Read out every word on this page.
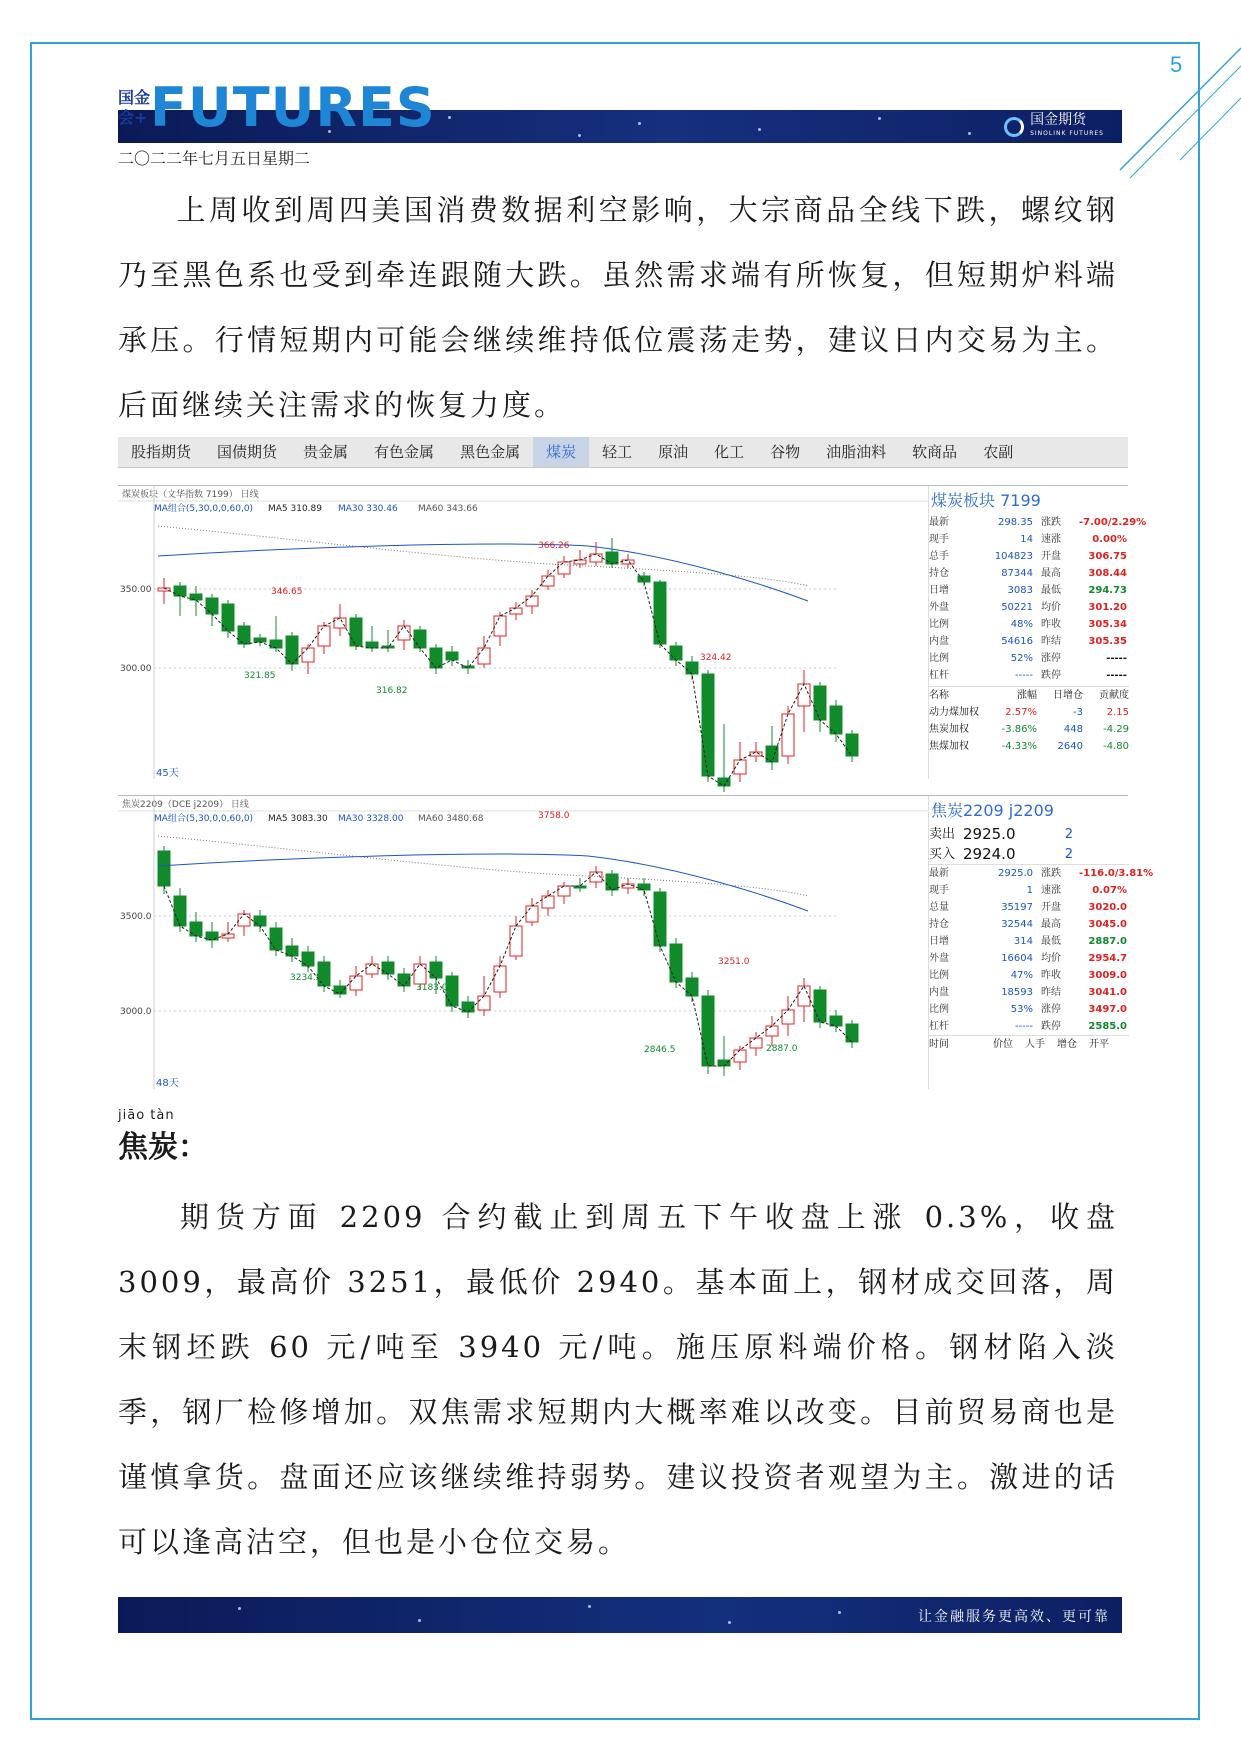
5
国金期货
SINOLINK FUTURES
国金会+ FUTURES
二〇二二年七月五日星期二
上周收到周四美国消费数据利空影响，大宗商品全线下跌，螺纹钢乃至黑色系也受到牵连跟随大跌。虽然需求端有所恢复，但短期炉料端承压。行情短期内可能会继续维持低位震荡走势，建议日内交易为主。后面继续关注需求的恢复力度。
股指期货	国债期货	贵金属	有色金属	黑色金属	煤炭	轻工	原油	化工	谷物	油脂油料	软商品	农副
煤炭板块（文华指数 7199） 日线
MA组合(5,30,0,0,60,0) MA5 310.89 MA30 330.46 MA60 343.66
350.00
300.00
45天
366.26
346.65
321.85
316.82
324.42
煤炭板块 7199
最新	298.35 涨跌	-7.00/2.29%
现手	14 速涨	0.00%
总手	104823 开盘	306.75
持仓	87344 最高	308.44
日增	3083 最低	294.73
外盘	50221 均价	301.20
比例	48% 昨收	305.34
内盘	54616 昨结	305.35
比例	52% 涨停	-----
杠杆	----- 跌停	-----
名称	涨幅	日增仓	贡献度
动力煤加权	2.57%	-3	2.15
焦炭加权	-3.86%	448	-4.29
焦煤加权	-4.33%	2640	-4.80
焦炭2209（DCE j2209） 日线
MA组合(5,30,0,0,60,0) MA5 3083.30 MA30 3328.00 MA60 3480.68
3500.0
3000.0
48天
3758.0
3234.5
3183.0
3251.0
2846.5	2887.0
焦炭2209 j2209
卖出 2925.0	2
买入 2924.0	2
最新	2925.0 涨跌	-116.0/3.81%
现手	1 速涨	0.07%
总量	35197 开盘	3020.0
持仓	32544 最高	3045.0
日增	314 最低	2887.0
外盘	16604 均价	2954.7
比例	47% 昨收	3009.0
内盘	18593 昨结	3041.0
比例	53% 涨停	3497.0
杠杆	----- 跌停	2585.0
时间	价位	人手	增仓	开平
jiāo tàn
焦炭：
期货方面 2209 合约截止到周五下午收盘上涨 0.3%，收盘 3009，最高价 3251，最低价 2940。基本面上，钢材成交回落，周末钢坯跌 60 元/吨至 3940 元/吨。施压原料端价格。钢材陷入淡季，钢厂检修增加。双焦需求短期内大概率难以改变。目前贸易商也是谨慎拿货。盘面还应该继续维持弱势。建议投资者观望为主。激进的话可以逢高沽空，但也是小仓位交易。
让金融服务更高效、更可靠
